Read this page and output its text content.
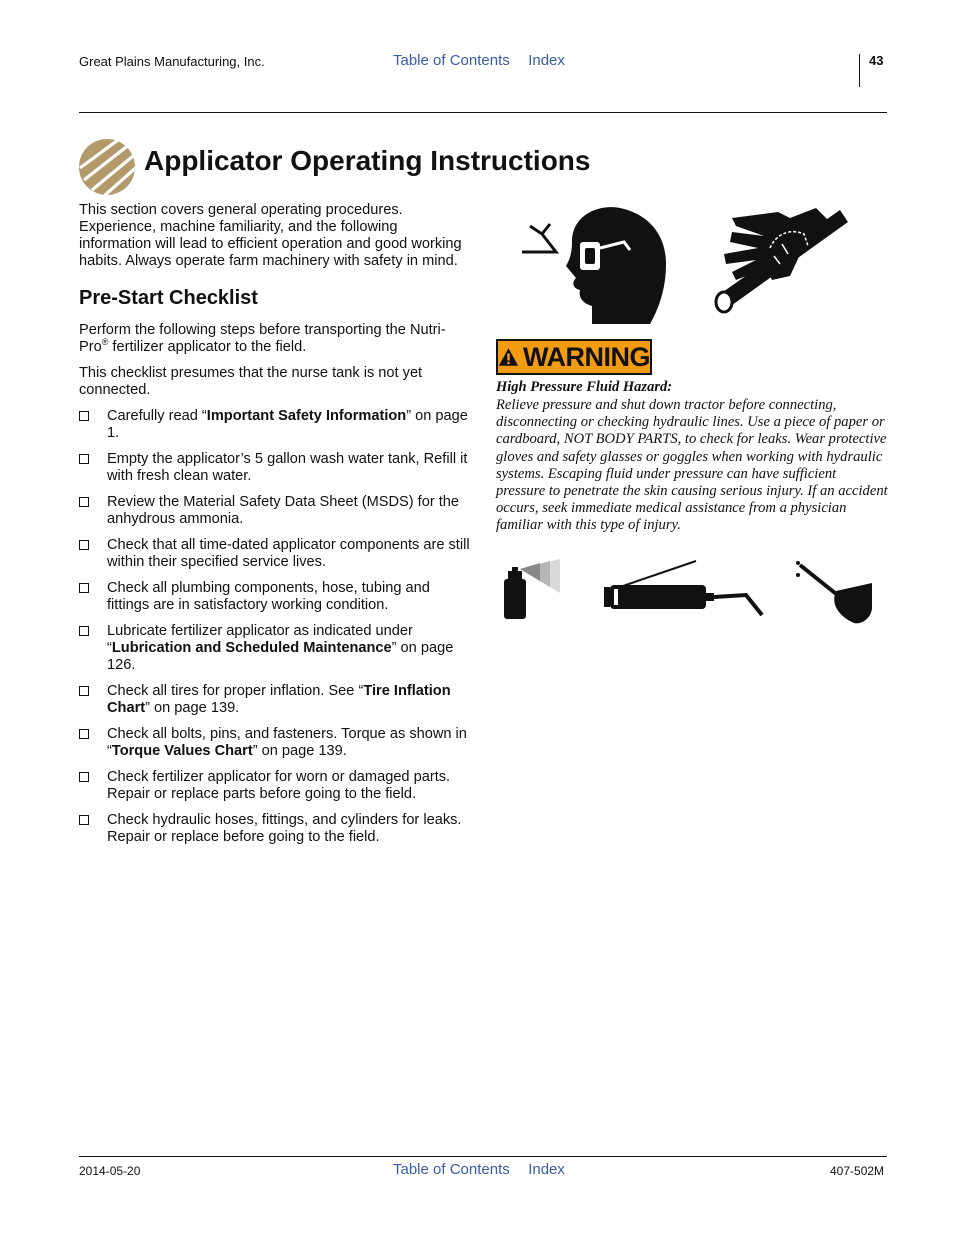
Great Plains Manufacturing, Inc.	Table of Contents Index	43
Applicator Operating Instructions

This section covers general operating procedures. Experience, machine familiarity, and the following information will lead to efficient operation and good working habits. Always operate farm machinery with safety in mind.

Pre-Start Checklist

Perform the following steps before transporting the Nutri-Pro® fertilizer applicator to the field.

This checklist presumes that the nurse tank is not yet connected.

Carefully read “Important Safety Information” on page 1.
Empty the applicator’s 5 gallon wash water tank, Refill it with fresh clean water.
Review the Material Safety Data Sheet (MSDS) for the anhydrous ammonia.
Check that all time-dated applicator components are still within their specified service lives.
Check all plumbing components, hose, tubing and fittings are in satisfactory working condition.
Lubricate fertilizer applicator as indicated under “Lubrication and Scheduled Maintenance” on page 126.
Check all tires for proper inflation. See “Tire Inflation Chart” on page 139.
Check all bolts, pins, and fasteners. Torque as shown in “Torque Values Chart” on page 139.
Check fertilizer applicator for worn or damaged parts. Repair or replace parts before going to the field.
Check hydraulic hoses, fittings, and cylinders for leaks. Repair or replace before going to the field.
WARNING
High Pressure Fluid Hazard:
Relieve pressure and shut down tractor before connecting, disconnecting or checking hydraulic lines. Use a piece of paper or cardboard, NOT BODY PARTS, to check for leaks. Wear protective gloves and safety glasses or goggles when working with hydraulic systems. Escaping fluid under pressure can have sufficient pressure to penetrate the skin causing serious injury. If an accident occurs, seek immediate medical assistance from a physician familiar with this type of injury.
2014-05-20	Table of Contents Index	407-502M
